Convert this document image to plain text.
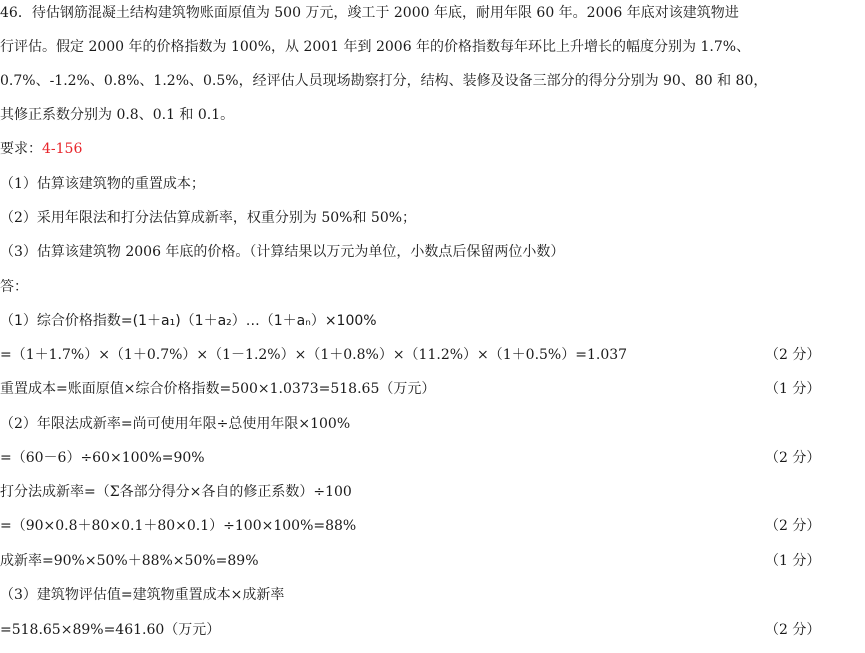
46．待估钢筋混凝土结构建筑物账面原值为 500 万元，竣工于 2000 年底，耐用年限 60 年。2006 年底对该建筑物进
行评估。假定 2000 年的价格指数为 100%，从 2001 年到 2006 年的价格指数每年环比上升增长的幅度分别为 1.7%、
0.7%、-1.2%、0.8%、1.2%、0.5%，经评估人员现场勘察打分，结构、装修及设备三部分的得分分别为 90、80 和 80，
其修正系数分别为 0.8、0.1 和 0.1。
要求：4-156
（1）估算该建筑物的重置成本；
（2）采用年限法和打分法估算成新率，权重分别为 50%和 50%；
（3）估算该建筑物 2006 年底的价格。（计算结果以万元为单位，小数点后保留两位小数）
答：
（1）综合价格指数=(1＋a₁)（1＋a₂）…（1＋aₙ）×100%
=（1＋1.7%）×（1＋0.7%）×（1－1.2%）×（1＋0.8%）×（11.2%）×（1＋0.5%）=1.037	（2 分）
重置成本=账面原值×综合价格指数=500×1.0373=518.65（万元）	（1 分）
（2）年限法成新率=尚可使用年限÷总使用年限×100%
=（60－6）÷60×100%=90%	（2 分）
打分法成新率=（Σ各部分得分×各自的修正系数）÷100
=（90×0.8＋80×0.1＋80×0.1）÷100×100%=88%	（2 分）
成新率=90%×50%＋88%×50%=89%	（1 分）
（3）建筑物评估值=建筑物重置成本×成新率
=518.65×89%=461.60（万元）	（2 分）
